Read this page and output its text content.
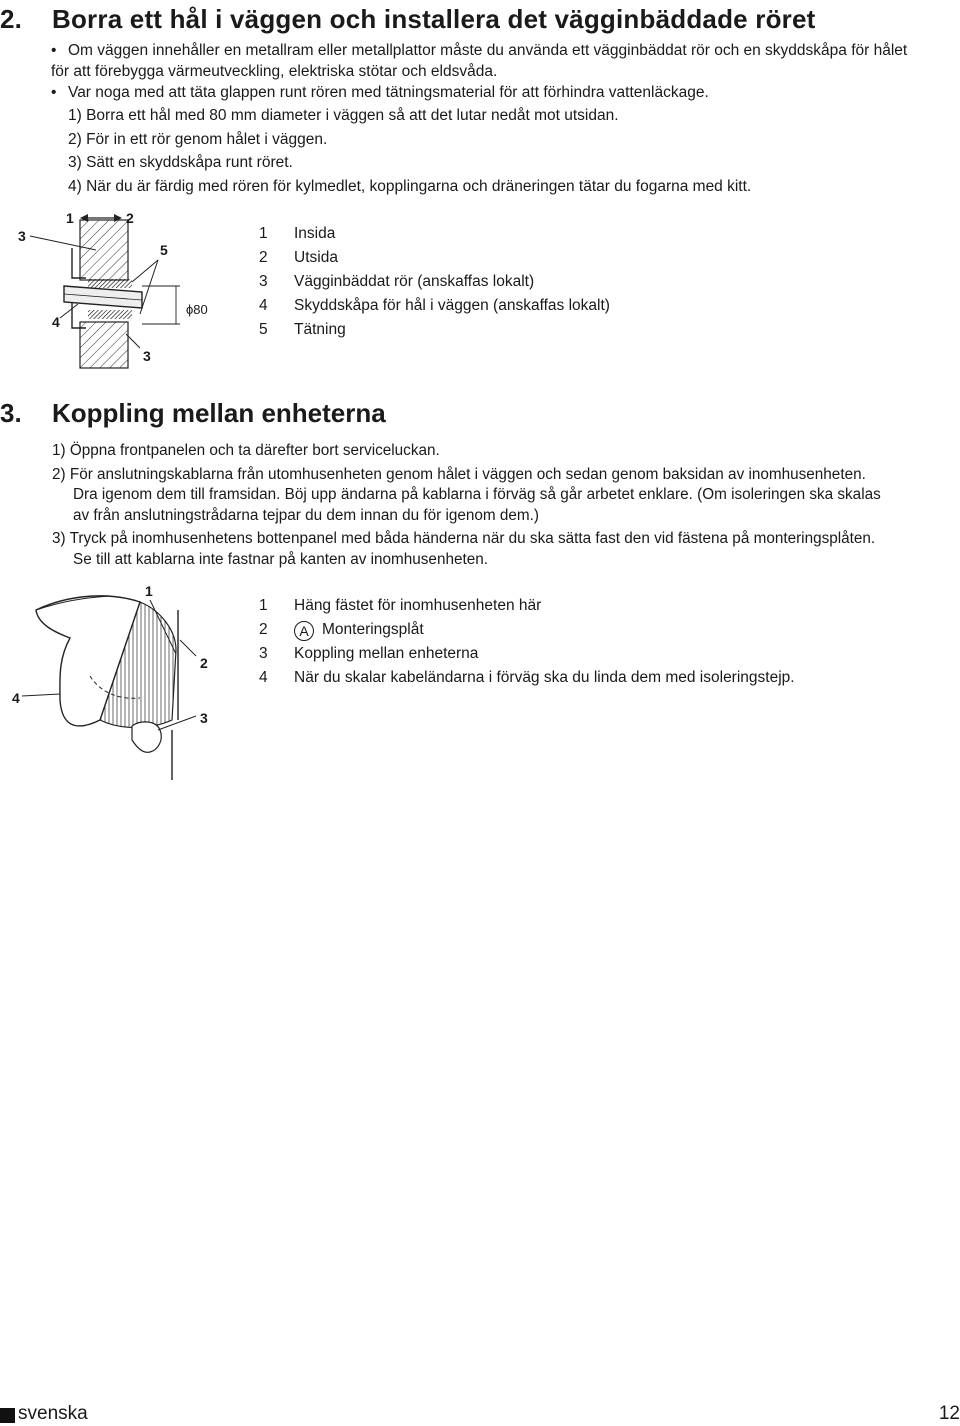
2. Borra ett hål i väggen och installera det vägginbäddade röret
• Om väggen innehåller en metallram eller metallplattor måste du använda ett vägginbäddat rör och en skyddskåpa för hålet
för att förebygga värmeutveckling, elektriska stötar och eldsvåda.
• Var noga med att täta glappen runt rören med tätningsmaterial för att förhindra vattenläckage.
1) Borra ett hål med 80 mm diameter i väggen så att det lutar nedåt mot utsidan.
2) För in ett rör genom hålet i väggen.
3) Sätt en skyddskåpa runt röret.
4) När du är färdig med rören för kylmedlet, kopplingarna och dräneringen tätar du fogarna med kitt.
1	2
3
5
4
3
ϕ80
1 Insida
2 Utsida
3 Vägginbäddat rör (anskaffas lokalt)
4 Skyddskåpa för hål i väggen (anskaffas lokalt)
5 Tätning
3. Koppling mellan enheterna
1) Öppna frontpanelen och ta därefter bort serviceluckan.
2) För anslutningskablarna från utomhusenheten genom hålet i väggen och sedan genom baksidan av inomhusenheten.
Dra igenom dem till framsidan. Böj upp ändarna på kablarna i förväg så går arbetet enklare. (Om isoleringen ska skalas
av från anslutningstrådarna tejpar du dem innan du för igenom dem.)
3) Tryck på inomhusenhetens bottenpanel med båda händerna när du ska sätta fast den vid fästena på monteringsplåten.
Se till att kablarna inte fastnar på kanten av inomhusenheten.
1
2
3
4
1 Häng fästet för inomhusenheten här
2	A Monteringsplåt
3 Koppling mellan enheterna
4 När du skalar kabeländarna i förväg ska du linda dem med isoleringstejp.
svenska	12
